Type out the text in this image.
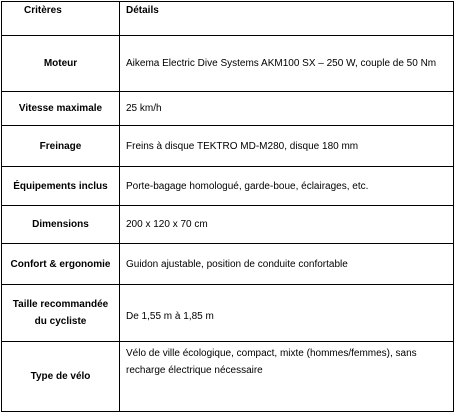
Critères	Détails
Moteur	Aikema Electric Dive Systems AKM100 SX – 250 W, couple de 50 Nm
Vitesse maximale	25 km/h
Freinage	Freins à disque TEKTRO MD-M280, disque 180 mm
Équipements inclus	Porte-bagage homologué, garde-boue, éclairages, etc.
Dimensions	200 x 120 x 70 cm
Confort & ergonomie	Guidon ajustable, position de conduite confortable
Taille recommandée du cycliste	De 1,55 m à 1,85 m
Type de vélo	Vélo de ville écologique, compact, mixte (hommes/femmes), sans recharge électrique nécessaire
